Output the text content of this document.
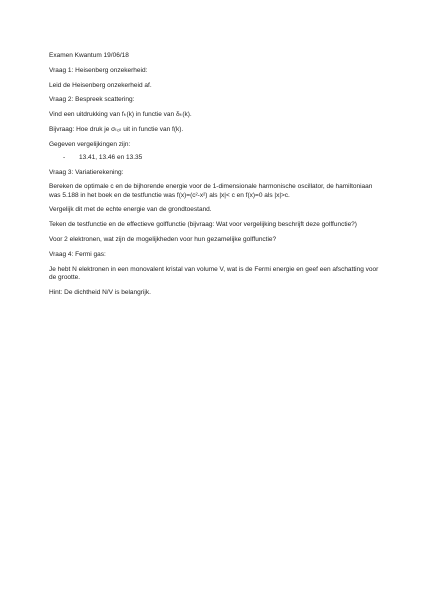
Examen Kwantum 19/06/18

Vraag 1: Heisenberg onzekerheid:

Leid de Heisenberg onzekerheid af.

Vraag 2: Bespreek scattering:

Vind een uitdrukking van fₖ(k) in functie van δₖ(k).

Bijvraag: Hoe druk je σₜₒₜ uit in functie van f(k).

Gegeven vergelijkingen zijn:

- 13.41, 13.46 en 13.35

Vraag 3: Variatierekening:

Bereken de optimale c en de bijhorende energie voor de 1-dimensionale harmonische oscillator, de hamiltoniaan was 5.188 in het boek en de testfunctie was f(x)=(c²-x²) als |x|< c en f(x)=0 als |x|>c.

Vergelijk dit met de echte energie van de grondtoestand.

Teken de testfunctie en de effectieve golffunctie (bijvraag: Wat voor vergelijking beschrijft deze golffunctie?)

Voor 2 elektronen, wat zijn de mogelijkheden voor hun gezamelijke golffunctie?

Vraag 4: Fermi gas:

Je hebt N elektronen in een monovalent kristal van volume V, wat is de Fermi energie en geef een afschatting voor de grootte.

Hint: De dichtheid N/V is belangrijk.
